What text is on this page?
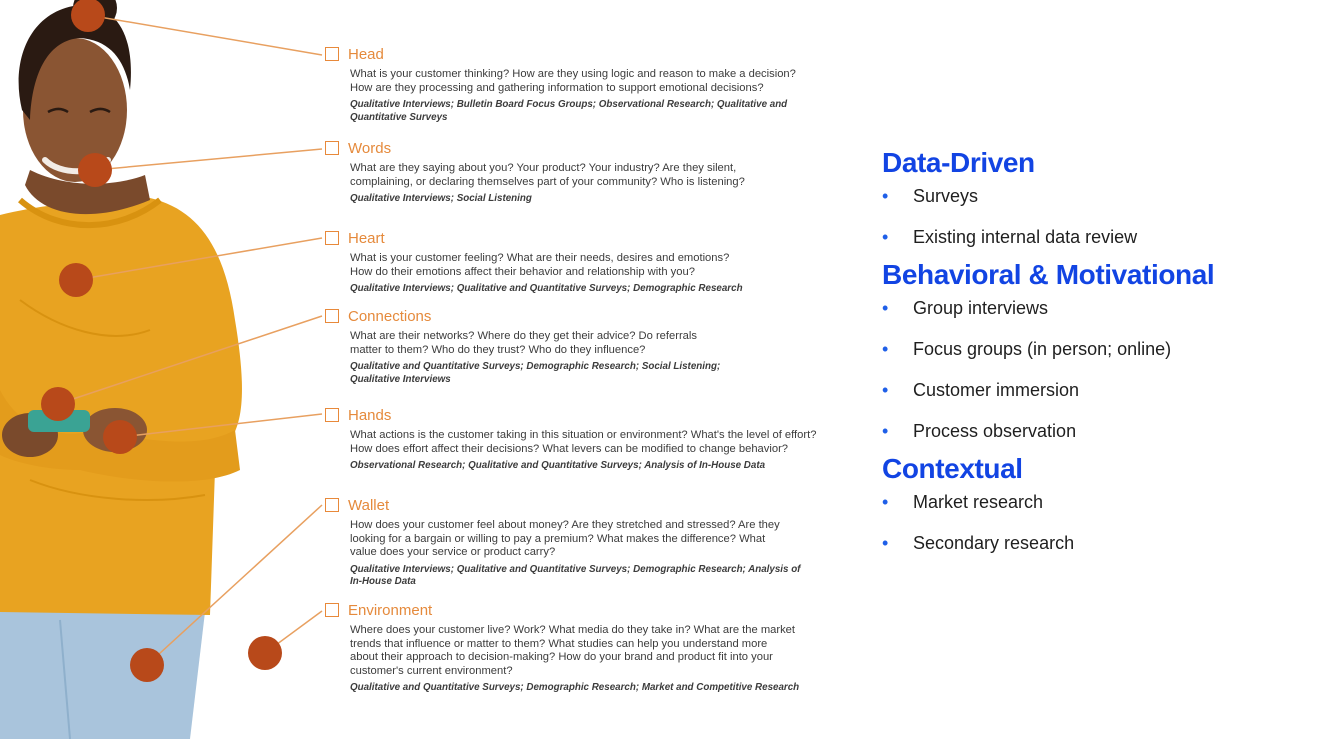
Head
What is your customer thinking? How are they using logic and reason to make a decision?
How are they processing and gathering information to support emotional decisions?
Qualitative Interviews; Bulletin Board Focus Groups; Observational Research; Qualitative and
Quantitative Surveys
Words
What are they saying about you? Your product? Your industry? Are they silent,
complaining, or declaring themselves part of your community? Who is listening?
Qualitative Interviews; Social Listening
Heart
What is your customer feeling? What are their needs, desires and emotions?
How do their emotions affect their behavior and relationship with you?
Qualitative Interviews; Qualitative and Quantitative Surveys; Demographic Research
Connections
What are their networks? Where do they get their advice? Do referrals
matter to them? Who do they trust? Who do they influence?
Qualitative and Quantitative Surveys; Demographic Research; Social Listening;
Qualitative Interviews
Hands
What actions is the customer taking in this situation or environment? What's the level of effort?
How does effort affect their decisions? What levers can be modified to change behavior?
Observational Research; Qualitative and Quantitative Surveys; Analysis of In-House Data
Wallet
How does your customer feel about money? Are they stretched and stressed? Are they
looking for a bargain or willing to pay a premium? What makes the difference? What
value does your service or product carry?
Qualitative Interviews; Qualitative and Quantitative Surveys; Demographic Research; Analysis of
In-House Data
Environment
Where does your customer live? Work? What media do they take in? What are the market
trends that influence or matter to them? What studies can help you understand more
about their approach to decision-making? How do your brand and product fit into your
customer's current environment?
Qualitative and Quantitative Surveys; Demographic Research; Market and Competitive Research
Data-Driven
• Surveys
• Existing internal data review
Behavioral & Motivational
• Group interviews
• Focus groups (in person; online)
• Customer immersion
• Process observation
Contextual
• Market research
• Secondary research
